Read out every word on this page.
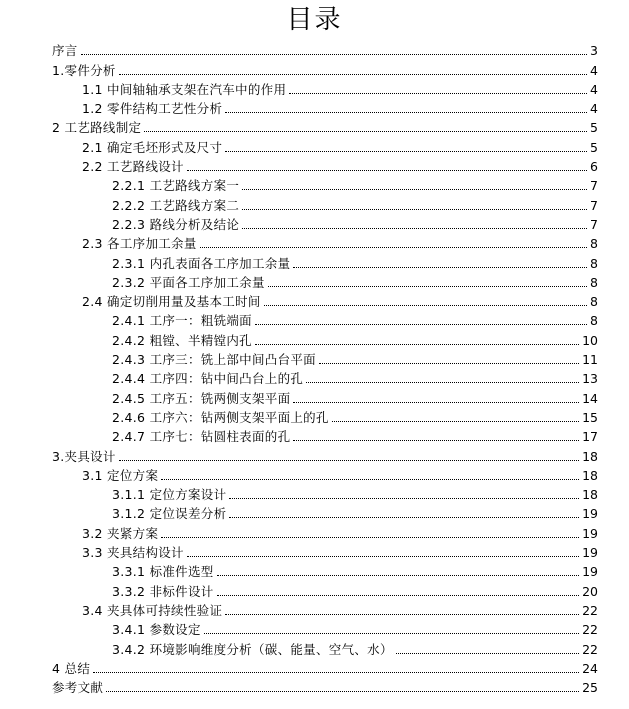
目录
序言	3
1.零件分析	4
1.1 中间轴轴承支架在汽车中的作用	4
1.2 零件结构工艺性分析	4
2 工艺路线制定	5
2.1 确定毛坯形式及尺寸	5
2.2 工艺路线设计	6
2.2.1 工艺路线方案一	7
2.2.2 工艺路线方案二	7
2.2.3 路线分析及结论	7
2.3 各工序加工余量	8
2.3.1 内孔表面各工序加工余量	8
2.3.2 平面各工序加工余量	8
2.4 确定切削用量及基本工时间	8
2.4.1 工序一：粗铣端面	8
2.4.2 粗镗、半精镗内孔	10
2.4.3 工序三：铣上部中间凸台平面	11
2.4.4 工序四：钻中间凸台上的孔	13
2.4.5 工序五：铣两侧支架平面	14
2.4.6 工序六：钻两侧支架平面上的孔	15
2.4.7 工序七：钻圆柱表面的孔	17
3.夹具设计	18
3.1 定位方案	18
3.1.1 定位方案设计	18
3.1.2 定位误差分析	19
3.2 夹紧方案	19
3.3 夹具结构设计	19
3.3.1 标准件选型	19
3.3.2 非标件设计	20
3.4 夹具体可持续性验证	22
3.4.1 参数设定	22
3.4.2 环境影响维度分析（碳、能量、空气、水）	22
4 总结	24
参考文献	25
